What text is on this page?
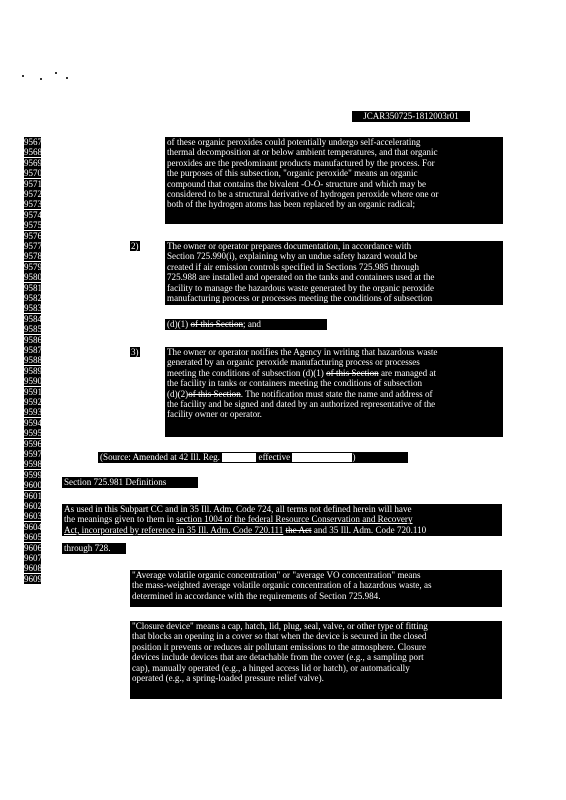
JCAR350725-1812003r01
9567
9568
9569
9570
9571
9572
9573
9574
9575
9576
9577
9578
9579
9580
9581
9582
9583
9584
9585
9586
9587
9588
9589
9590
9591
9592
9593
9594
9595
9596
9597
9598
9599
9600
9601
9602
9603
9604
9605
9606
9607
9608
9609

of these organic peroxides could potentially undergo self-accelerating

thermal decomposition at or below ambient temperatures, and that organic

peroxides are the predominant products manufactured by the process. For

the purposes of this subsection, "organic peroxide" means an organic

compound that contains the bivalent -O-O- structure and which may be

considered to be a structural derivative of hydrogen peroxide where one or

both of the hydrogen atoms has been replaced by an organic radical;

2)	The owner or operator prepares documentation, in accordance with

Section 725.990(i), explaining why an undue safety hazard would be

created if air emission controls specified in Sections 725.985 through

725.988 are installed and operated on the tanks and containers used at the

facility to manage the hazardous waste generated by the organic peroxide

manufacturing process or processes meeting the conditions of subsection

(d)(1) of this Section; and
3)	The owner or operator notifies the Agency in writing that hazardous waste

generated by an organic peroxide manufacturing process or processes

meeting the conditions of subsection (d)(1) of this Section are managed at

the facility in tanks or containers meeting the conditions of subsection

(d)(2)of this Section. The notification must state the name and address of

the facility and be signed and dated by an authorized representative of the

facility owner or operator.

(Source: Amended at 42 Ill. Reg.	effective	)
Section 725.981 Definitions

As used in this Subpart CC and in 35 Ill. Adm. Code 724, all terms not defined herein will have

the meanings given to them in section 1004 of the federal Resource Conservation and Recovery

Act, incorporated by reference in 35 Ill. Adm. Code 720.111 the Act and 35 Ill. Adm. Code 720.110

through 728.

"Average volatile organic concentration" or "average VO concentration" means

the mass-weighted average volatile organic concentration of a hazardous waste, as

determined in accordance with the requirements of Section 725.984.

"Closure device" means a cap, hatch, lid, plug, seal, valve, or other type of fitting

that blocks an opening in a cover so that when the device is secured in the closed

position it prevents or reduces air pollutant emissions to the atmosphere. Closure

devices include devices that are detachable from the cover (e.g., a sampling port

cap), manually operated (e.g., a hinged access lid or hatch), or automatically

operated (e.g., a spring-loaded pressure relief valve).
